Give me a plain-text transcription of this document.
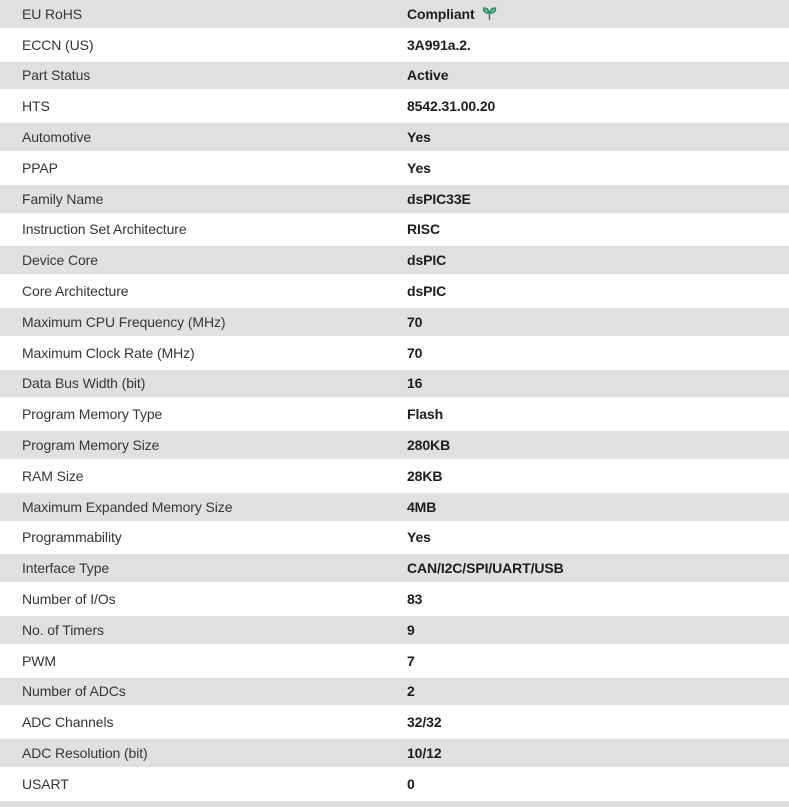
EU RoHS	Compliant
ECCN (US)	3A991a.2.
Part Status	Active
HTS	8542.31.00.20
Automotive	Yes
PPAP	Yes
Family Name	dsPIC33E
Instruction Set Architecture	RISC
Device Core	dsPIC
Core Architecture	dsPIC
Maximum CPU Frequency (MHz)	70
Maximum Clock Rate (MHz)	70
Data Bus Width (bit)	16
Program Memory Type	Flash
Program Memory Size	280KB
RAM Size	28KB
Maximum Expanded Memory Size	4MB
Programmability	Yes
Interface Type	CAN/I2C/SPI/UART/USB
Number of I/Os	83
No. of Timers	9
PWM	7
Number of ADCs	2
ADC Channels	32/32
ADC Resolution (bit)	10/12
USART	0
